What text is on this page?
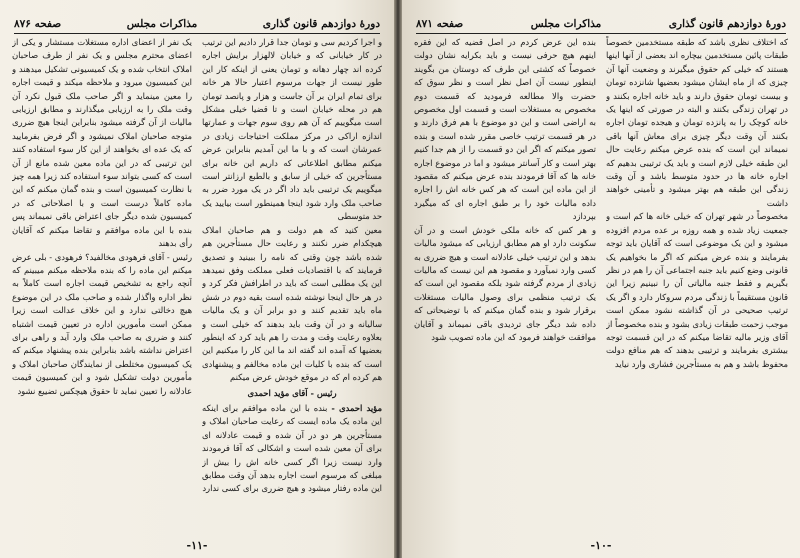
دورهٔ دوازدهم قانون گذاری
مذاکرات مجلس
صفحه ۸۷۶

و اجرا کردیم سی و تومان جدا قرار دادیم این ترتیب در کار خیابانی که و خیابان لالهزار برایش اجاره کرده اند چهار دهانه و تومان یعنی از اینکه کار این طور نیست از جهات مرسوم اعتبار حالا هر خانه براى تمام ایران بر آن جاست و هزار و پانصد تومان هم در محله خیابان است و تا قضیا خیلی مشکل است میگوییم که آن هم روی سوم جهات و عمارتها اندازه اراکی در مرکز مملکت احتیاجات زیادی در عمرشان است که و با ما این آمدیم بنابراین عرض میکنم مطابق اطلاعاتی که داریم این خانه برای مستأجرین که خیلی از سابق و بالطبع ارزانتر است میگوییم یک ترتیبی باید داد اگر در یک مورد ضرر به صاحب ملک وارد شود اینجا همینطور است بیایید یک حد متوسطی

معین کنید که هم دولت و هم صاحبان املاک هیچکدام ضرر نکنند و رعایت حال مستأجرین هم شده باشد چون وقتی که نامه را ببینید و تصدیق فرمایند که با اقتصادیات فعلی مملکت وفق نمیدهد این یک مطلبی است که باید در اطرافش فکر کرد و در هر حال اینجا نوشته شده است بقیه دوم در شش ماه باید تقدیم کنند و دو برابر آن و یک مالیات سالیانه و در آن وقت باید بدهند که خیلی است و بعلاوه رعایت وقت و مدت را هم باید کرد که اینطور بعضیها که آمده اند گفته اند ما این کار را میکنیم این است که بنده با کلیات این ماده مخالفم و پیشنهادی هم کرده ام که در موقع خودش عرض میکنم

رئیس - آقای مؤید احمدی

مؤید احمدی - بنده با این ماده موافقم برای اینکه این ماده یک ماده ایست که رعایت صاحبان املاک و مستأجرین هر دو در آن شده و قیمت عادلانه ای برای آن معین شده است و اشکالی که آقا فرمودند وارد نیست زیرا اگر کسی خانه اش را بیش از مبلغی که مرسوم است اجاره بدهد آن وقت مطابق این ماده رفتار میشود و هیچ ضرری برای کسی ندارد

یک نفر از اعضای اداره مستغلات مستشار و یکی از اعضای محترم مجلس و یک نفر از طرف صاحبان املاک انتخاب شده و یک کمیسیونی تشکیل میدهند و این کمیسیون میرود و ملاحظه میکند و قیمت اجاره را معین مینماید و اگر صاحب ملک قبول نکرد آن وقت ملک را به ارزیابی میگذارند و مطابق ارزیابی مالیات از آن گرفته میشود بنابراین اینجا هیچ ضرری متوجه صاحبان املاک نمیشود و اگر فرض بفرمایید که یک عده ای بخواهند از این کار سوء استفاده کنند این ترتیبی که در این ماده معین شده مانع از آن است که کسی بتواند سوء استفاده کند زیرا همه چیز با نظارت کمیسیون است و بنده گمان میکنم که این ماده کاملاً درست است و با اصلاحاتی که در کمیسیون شده دیگر جای اعتراض باقی نمیماند پس بنده با این ماده موافقم و تقاضا میکنم که آقایان رأی بدهند

رئیس - آقای فرهودی مخالفید؟ فرهودی - بلی عرض میکنم این ماده را که بنده ملاحظه میکنم میبینم که آنچه راجع به تشخیص قیمت اجاره است کاملاً به نظر اداره واگذار شده و صاحب ملک در این موضوع هیچ دخالتی ندارد و این خلاف عدالت است زیرا ممکن است مأمورین اداره در تعیین قیمت اشتباه کنند و ضرری به صاحب ملک وارد آید و راهی برای اعتراض نداشته باشد بنابراین بنده پیشنهاد میکنم که یک کمیسیون مختلطی از نمایندگان صاحبان املاک و مأمورین دولت تشکیل شود و این کمیسیون قیمت عادلانه را تعیین نماید تا حقوق هیچکس تضییع نشود

-۱۱-
دورهٔ دوازدهم قانون گذاری
مذاکرات مجلس
صفحه ۸۷۱

که اختلاف نظری باشد که طبقه مستخدمین خصوصاً طبقات پائین مستخدمین بیچاره اند بعضی از آنها اینها هستند که خیلی کم حقوق میگیرند و وضعیت آنها آن چیزی که از ماه ایشان میشود بعضیها شانزده تومان و بیست تومان حقوق دارند و باید خانه اجاره بکنند و در تهران زندگی بکنند و البته در صورتی که اینها یک خانه کوچک را به پانزده تومان و هیجده تومان اجاره بکنند آن وقت دیگر چیزی برای معاش آنها باقی نمیماند این است که بنده عرض میکنم رعایت حال این طبقه خیلی لازم است و باید یک ترتیبی بدهیم که اجاره خانه ها در حدود متوسط باشد و آن وقت زندگی این طبقه هم بهتر میشود و تأمینی خواهند داشت

مخصوصاً در شهر تهران که خیلی خانه ها کم است و جمعیت زیاد شده و همه روزه بر عده مردم افزوده میشود و این یک موضوعی است که آقایان باید توجه بفرمایند و بنده عرض میکنم که اگر ما بخواهیم یک قانونی وضع کنیم باید جنبه اجتماعی آن را هم در نظر بگیریم و فقط جنبه مالیاتی آن را نبینیم زیرا این قانون مستقیماً با زندگی مردم سروکار دارد و اگر یک ترتیب صحیحی در آن گذاشته نشود ممکن است موجب زحمت طبقات زیادی بشود و بنده مخصوصاً از آقای وزیر مالیه تقاضا میکنم که در این قسمت توجه بیشتری بفرمایند و ترتیبی بدهند که هم منافع دولت محفوظ باشد و هم به مستأجرین فشاری وارد نیاید

بنده این عرض کردم در اصل قضیه که این فقره اینهم هیچ حرفی نیست و باید بکرایه نشان دولت خصوصاً که کشتی این طرف که دوستان من بگویند اینطور نیست آن اصل نظر است و نظر سوق که حضرت والا مطالعه فرمودید که قسمت دوم مخصوص به مستغلات است و قسمت اول مخصوص به اراضی است و این دو موضوع با هم فرق دارند و در هر قسمت ترتیب خاصی مقرر شده است و بنده تصور میکنم که اگر این دو قسمت را از هم جدا کنیم بهتر است و کار آسانتر میشود و اما در موضوع اجاره خانه ها که آقا فرمودند بنده عرض میکنم که مقصود از این ماده این است که هر کس خانه اش را اجاره داده مالیات خود را بر طبق اجاره ای که میگیرد بپردازد

و هر کس که خانه ملکی خودش است و در آن سکونت دارد او هم مطابق ارزیابی که میشود مالیات بدهد و این ترتیب خیلی عادلانه است و هیچ ضرری به کسی وارد نمیآورد و مقصود هم این نیست که مالیات زیادی از مردم گرفته شود بلکه مقصود این است که یک ترتیب منظمی برای وصول مالیات مستغلات برقرار شود و بنده گمان میکنم که با توضیحاتی که داده شد دیگر جای تردیدی باقی نمیماند و آقایان موافقت خواهند فرمود که این ماده تصویب شود

-۱۰-
